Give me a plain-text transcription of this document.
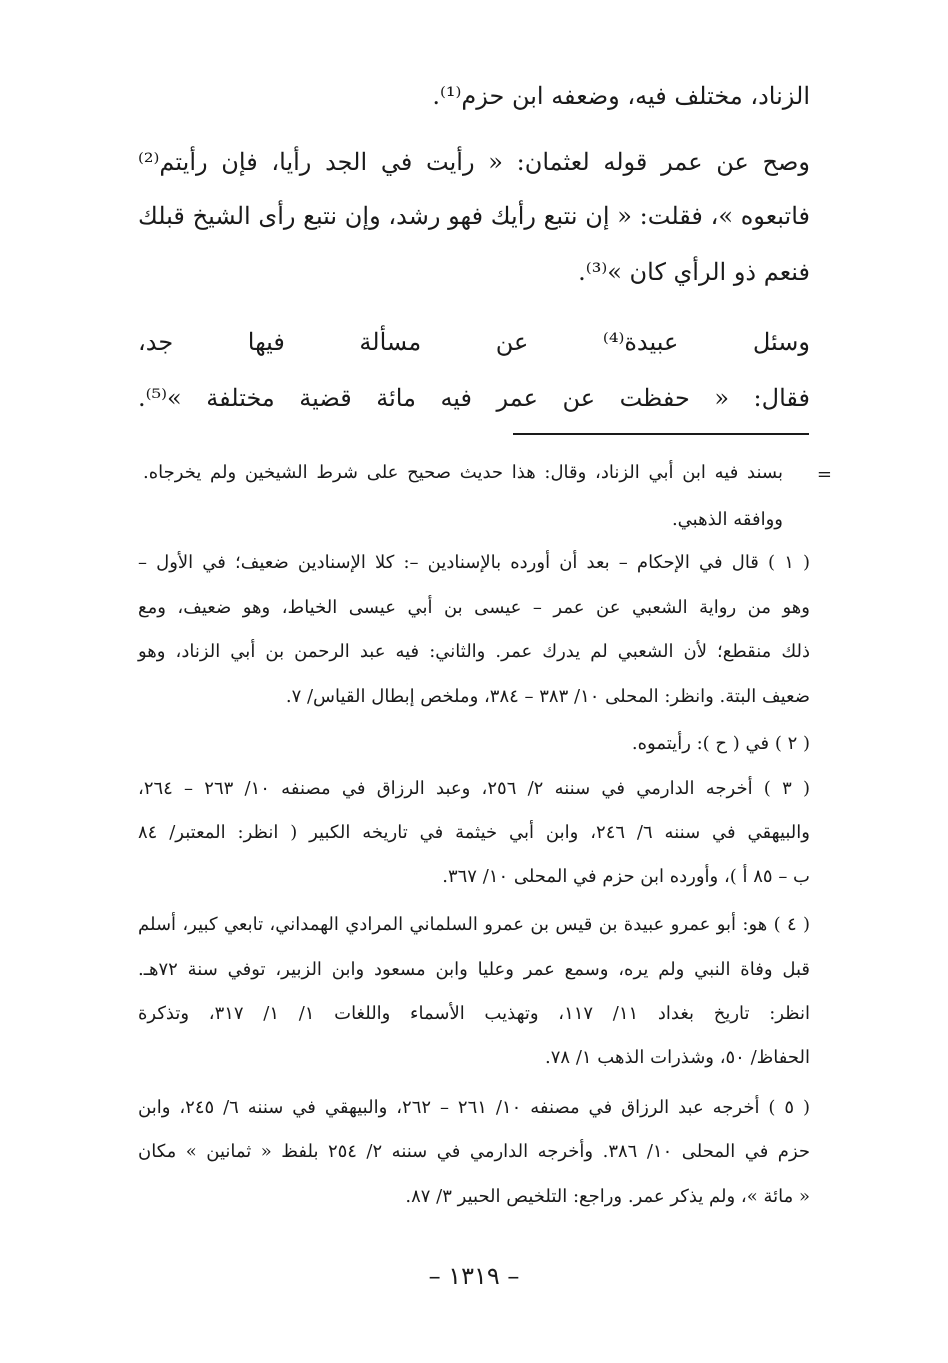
الزناد، مختلف فيه، وضعفه ابن حزم⁽¹⁾.

وصح عن عمر قوله لعثمان: « رأيت في الجد رأيا، فإن رأيتم⁽²⁾

فاتبعوه »، فقلت: « إن نتبع رأيك فهو رشد، وإن نتبع رأى الشيخ قبلك

فنعم ذو الرأي كان »⁽³⁾.

وسئل عبيدة⁽⁴⁾ عن مسألة فيها جد،

فقال: « حفظت عن عمر فيه مائة قضية مختلفة »⁽⁵⁾.

=

بسند فيه ابن أبي الزناد، وقال: هذا حديث صحيح على شرط الشيخين ولم يخرجاه.

ووافقه الذهبي.

( ١ ) قال في الإحكام – بعد أن أورده بالإسنادين –: كلا الإسنادين ضعيف؛ في الأول –

وهو من رواية الشعبي عن عمر – عيسى بن أبي عيسى الخياط، وهو ضعيف، ومع

ذلك منقطع؛ لأن الشعبي لم يدرك عمر. والثاني: فيه عبد الرحمن بن أبي الزناد، وهو

ضعيف البتة. وانظر: المحلى ١٠/ ٣٨٣ – ٣٨٤، وملخص إبطال القياس/ ٧.

( ٢ ) في ( ح ): رأيتموه.

( ٣ ) أخرجه الدارمي في سننه ٢/ ٢٥٦، وعبد الرزاق في مصنفه ١٠/ ٢٦٣ – ٢٦٤،

والبيهقي في سننه ٦/ ٢٤٦، وابن أبي خيثمة في تاريخه الكبير ( انظر: المعتبر/ ٨٤

ب – ٨٥ أ )، وأورده ابن حزم في المحلى ١٠/ ٣٦٧.

( ٤ ) هو: أبو عمرو عبيدة بن قيس بن عمرو السلماني المرادي الهمداني، تابعي كبير، أسلم

قبل وفاة النبي ولم يره، وسمع عمر وعليا وابن مسعود وابن الزبير، توفي سنة ٧٢هـ.

انظر: تاريخ بغداد ١١/ ١١٧، وتهذيب الأسماء واللغات ١/ ١/ ٣١٧، وتذكرة

الحفاظ/ ٥٠، وشذرات الذهب ١/ ٧٨.

( ٥ ) أخرجه عبد الرزاق في مصنفه ١٠/ ٢٦١ – ٢٦٢، والبيهقي في سننه ٦/ ٢٤٥، وابن

حزم في المحلى ١٠/ ٣٨٦. وأخرجه الدارمي في سننه ٢/ ٢٥٤ بلفظ « ثمانين » مكان

« مائة »، ولم يذكر عمر. وراجع: التلخيص الحبير ٣/ ٨٧.

– ١٣١٩ –
